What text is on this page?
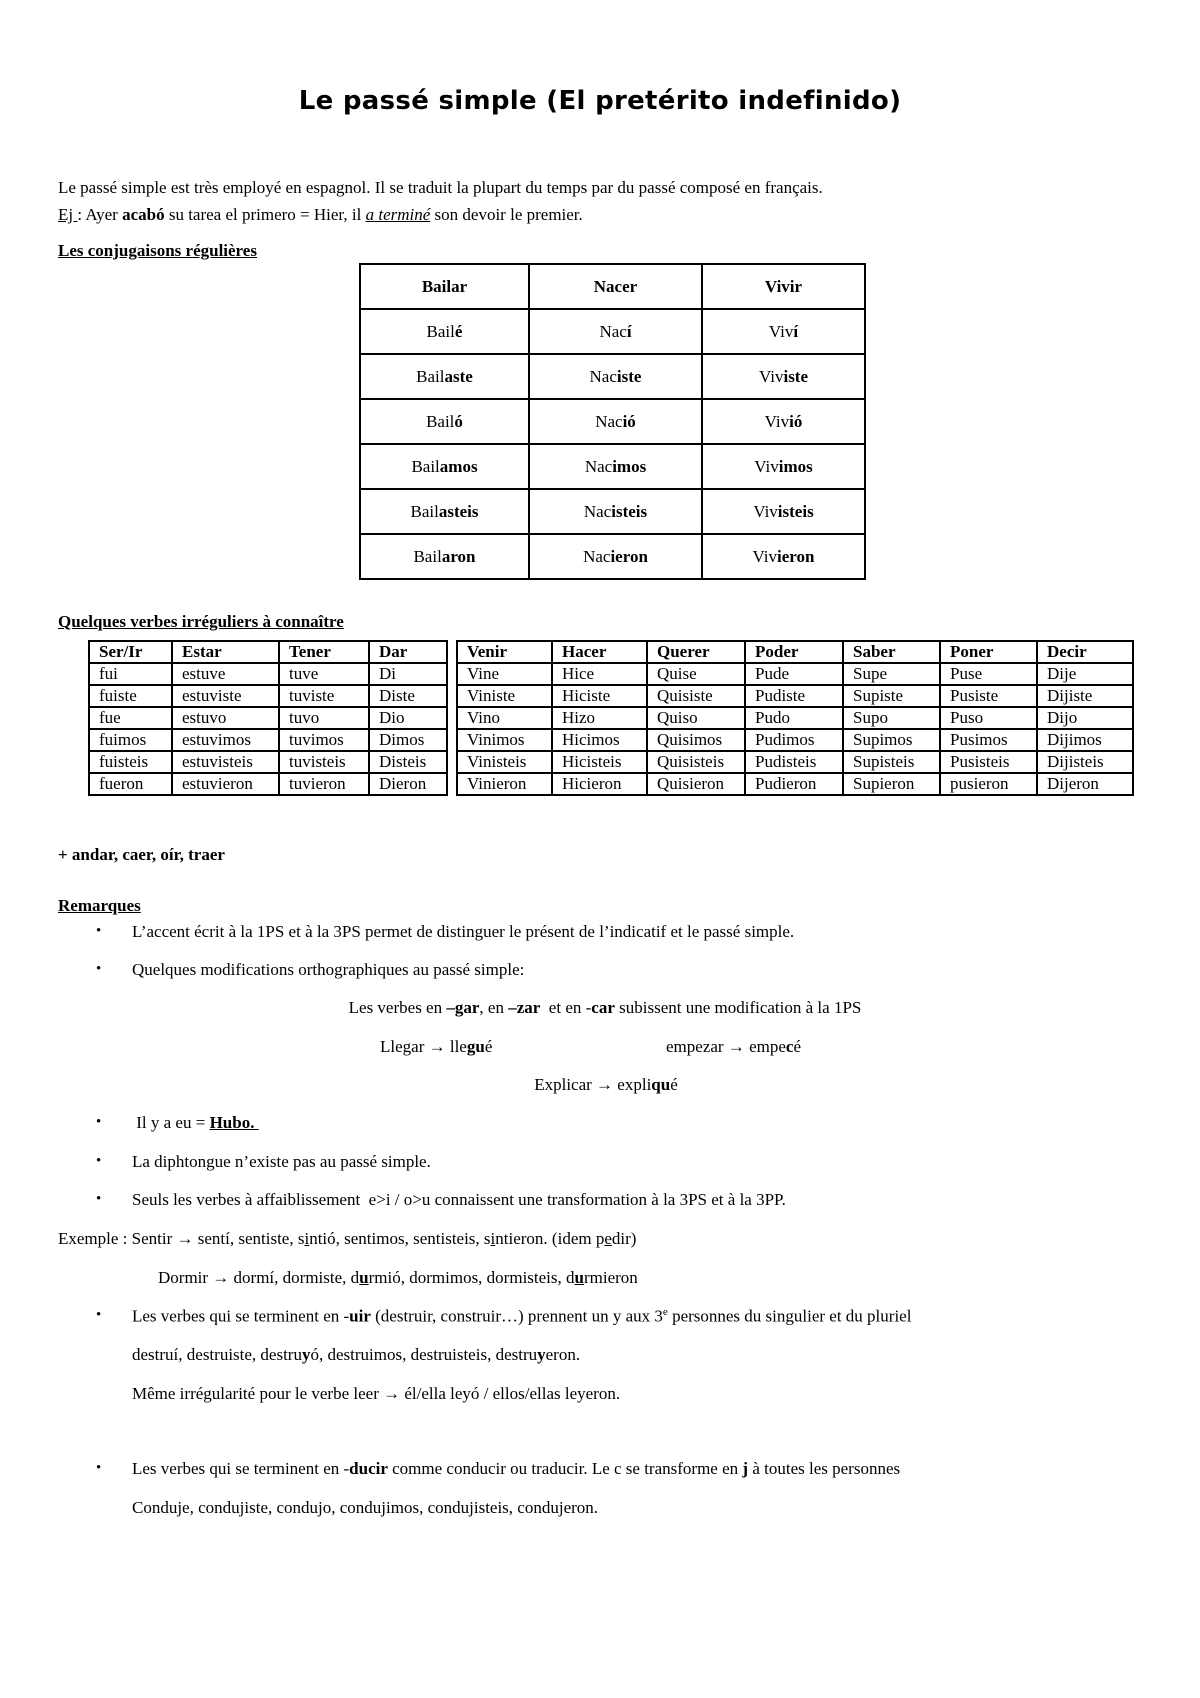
Le passé simple (El pretérito indefinido)
Le passé simple est très employé en espagnol. Il se traduit la plupart du temps par du passé composé en français.
Ej : Ayer acabó su tarea el primero = Hier, il a terminé son devoir le premier.
Les conjugaisons régulières
Bailar	Nacer	Vivir
Bailé	Nací	Viví
Bailaste	Naciste	Viviste
Bailó	Nació	Vivió
Bailamos	Nacimos	Vivimos
Bailasteis	Nacisteis	Vivisteis
Bailaron	Nacieron	Vivieron
Quelques verbes irréguliers à connaître
Ser/Ir	Estar	Tener	Dar
fui	estuve	tuve	Di
fuiste	estuviste	tuviste	Diste
fue	estuvo	tuvo	Dio
fuimos	estuvimos	tuvimos	Dimos
fuisteis	estuvisteis	tuvisteis	Disteis
fueron	estuvieron	tuvieron	Dieron
Venir	Hacer	Querer	Poder	Saber	Poner	Decir
Vine	Hice	Quise	Pude	Supe	Puse	Dije
Viniste	Hiciste	Quisiste	Pudiste	Supiste	Pusiste	Dijiste
Vino	Hizo	Quiso	Pudo	Supo	Puso	Dijo
Vinimos	Hicimos	Quisimos	Pudimos	Supimos	Pusimos	Dijimos
Vinisteis	Hicisteis	Quisisteis	Pudisteis	Supisteis	Pusisteis	Dijisteis
Vinieron	Hicieron	Quisieron	Pudieron	Supieron	pusieron	Dijeron
+ andar, caer, oír, traer
Remarques
• L’accent écrit à la 1PS et à la 3PS permet de distinguer le présent de l’indicatif et le passé simple.
• Quelques modifications orthographiques au passé simple:
Les verbes en –gar, en –zar  et en -car subissent une modification à la 1PS
Llegar → llegué	empezar → empecé
Explicar → expliqué
• Il y a eu = Hubo.
• La diphtongue n’existe pas au passé simple.
• Seuls les verbes à affaiblissement  e>i / o>u connaissent une transformation à la 3PS et à la 3PP.
Exemple : Sentir → sentí, sentiste, sintió, sentimos, sentisteis, sintieron. (idem pedir)
Dormir → dormí, dormiste, durmió, dormimos, dormisteis, durmieron
• Les verbes qui se terminent en -uir (destruir, construir…) prennent un y aux 3e personnes du singulier et du pluriel
destruí, destruiste, destruyó, destruimos, destruisteis, destruyeron.
Même irrégularité pour le verbe leer → él/ella leyó / ellos/ellas leyeron.
• Les verbes qui se terminent en -ducir comme conducir ou traducir. Le c se transforme en j à toutes les personnes
Conduje, condujiste, condujo, condujimos, condujisteis, condujeron.
